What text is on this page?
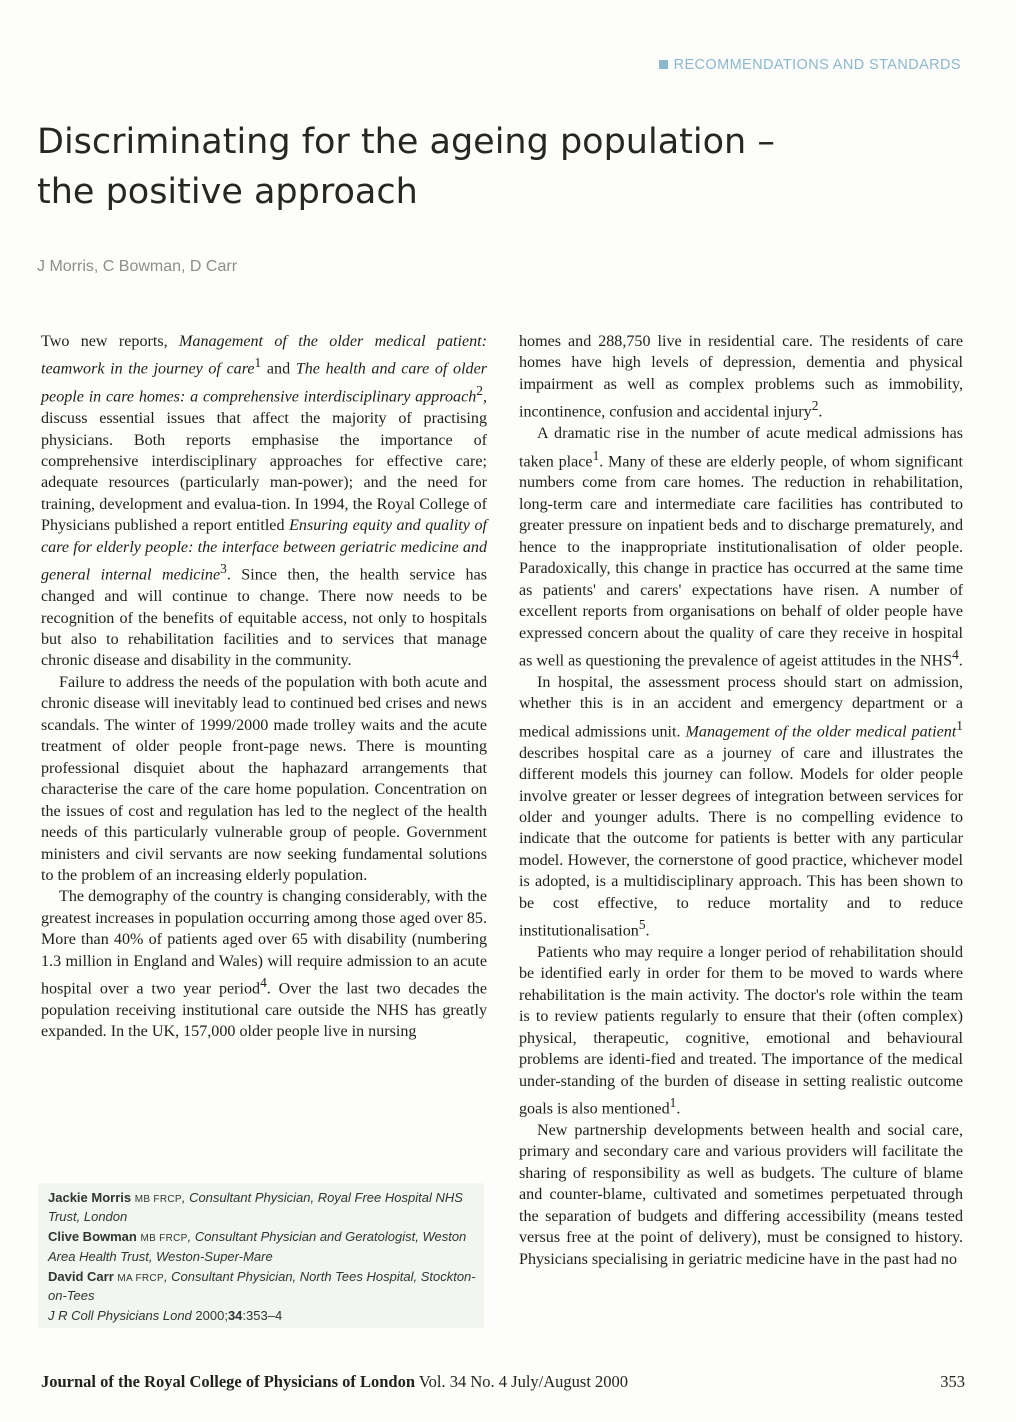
RECOMMENDATIONS AND STANDARDS
Discriminating for the ageing population –
the positive approach
J Morris, C Bowman, D Carr

Two new reports, Management of the older medical patient: teamwork in the journey of care$^1$ and The health and care of older people in care homes: a comprehensive interdisciplinary approach$^2$, discuss essential issues that affect the majority of practising physicians. Both reports emphasise the importance of comprehensive interdisciplinary approaches for effective care; adequate resources (particularly man-power); and the need for training, development and evalua-tion. In 1994, the Royal College of Physicians published a report entitled Ensuring equity and quality of care for elderly people: the interface between geriatric medicine and general internal medicine$^3$. Since then, the health service has changed and will continue to change. There now needs to be recognition of the benefits of equitable access, not only to hospitals but also to rehabilitation facilities and to services that manage chronic disease and disability in the community.

Failure to address the needs of the population with both acute and chronic disease will inevitably lead to continued bed crises and news scandals. The winter of 1999/2000 made trolley waits and the acute treatment of older people front-page news. There is mounting professional disquiet about the haphazard arrangements that characterise the care of the care home population. Concentration on the issues of cost and regulation has led to the neglect of the health needs of this particularly vulnerable group of people. Government ministers and civil servants are now seeking fundamental solutions to the problem of an increasing elderly population.

The demography of the country is changing considerably, with the greatest increases in population occurring among those aged over 85. More than 40% of patients aged over 65 with disability (numbering 1.3 million in England and Wales) will require admission to an acute hospital over a two year period$^4$. Over the last two decades the population receiving institutional care outside the NHS has greatly expanded. In the UK, 157,000 older people live in nursing

homes and 288,750 live in residential care. The residents of care homes have high levels of depression, dementia and physical impairment as well as complex problems such as immobility, incontinence, confusion and accidental injury$^2$.

A dramatic rise in the number of acute medical admissions has taken place$^1$. Many of these are elderly people, of whom significant numbers come from care homes. The reduction in rehabilitation, long-term care and intermediate care facilities has contributed to greater pressure on inpatient beds and to discharge prematurely, and hence to the inappropriate institutionalisation of older people. Paradoxically, this change in practice has occurred at the same time as patients' and carers' expectations have risen. A number of excellent reports from organisations on behalf of older people have expressed concern about the quality of care they receive in hospital as well as questioning the prevalence of ageist attitudes in the NHS$^4$.

In hospital, the assessment process should start on admission, whether this is in an accident and emergency department or a medical admissions unit. Management of the older medical patient$^1$ describes hospital care as a journey of care and illustrates the different models this journey can follow. Models for older people involve greater or lesser degrees of integration between services for older and younger adults. There is no compelling evidence to indicate that the outcome for patients is better with any particular model. However, the cornerstone of good practice, whichever model is adopted, is a multidisciplinary approach. This has been shown to be cost effective, to reduce mortality and to reduce institutionalisation$^5$.

Patients who may require a longer period of rehabilitation should be identified early in order for them to be moved to wards where rehabilitation is the main activity. The doctor's role within the team is to review patients regularly to ensure that their (often complex) physical, therapeutic, cognitive, emotional and behavioural problems are identi-fied and treated. The importance of the medical under-standing of the burden of disease in setting realistic outcome goals is also mentioned$^1$.

New partnership developments between health and social care, primary and secondary care and various providers will facilitate the sharing of responsibility as well as budgets. The culture of blame and counter-blame, cultivated and sometimes perpetuated through the separation of budgets and differing accessibility (means tested versus free at the point of delivery), must be consigned to history. Physicians specialising in geriatric medicine have in the past had no

Jackie Morris MB FRCP, Consultant Physician, Royal Free Hospital NHS Trust, London
Clive Bowman MB FRCP, Consultant Physician and Geratologist, Weston Area Health Trust, Weston-Super-Mare
David Carr MA FRCP, Consultant Physician, North Tees Hospital, Stockton-on-Tees
J R Coll Physicians Lond 2000;34:353–4
Journal of the Royal College of Physicians of London Vol. 34 No. 4 July/August 2000	353
